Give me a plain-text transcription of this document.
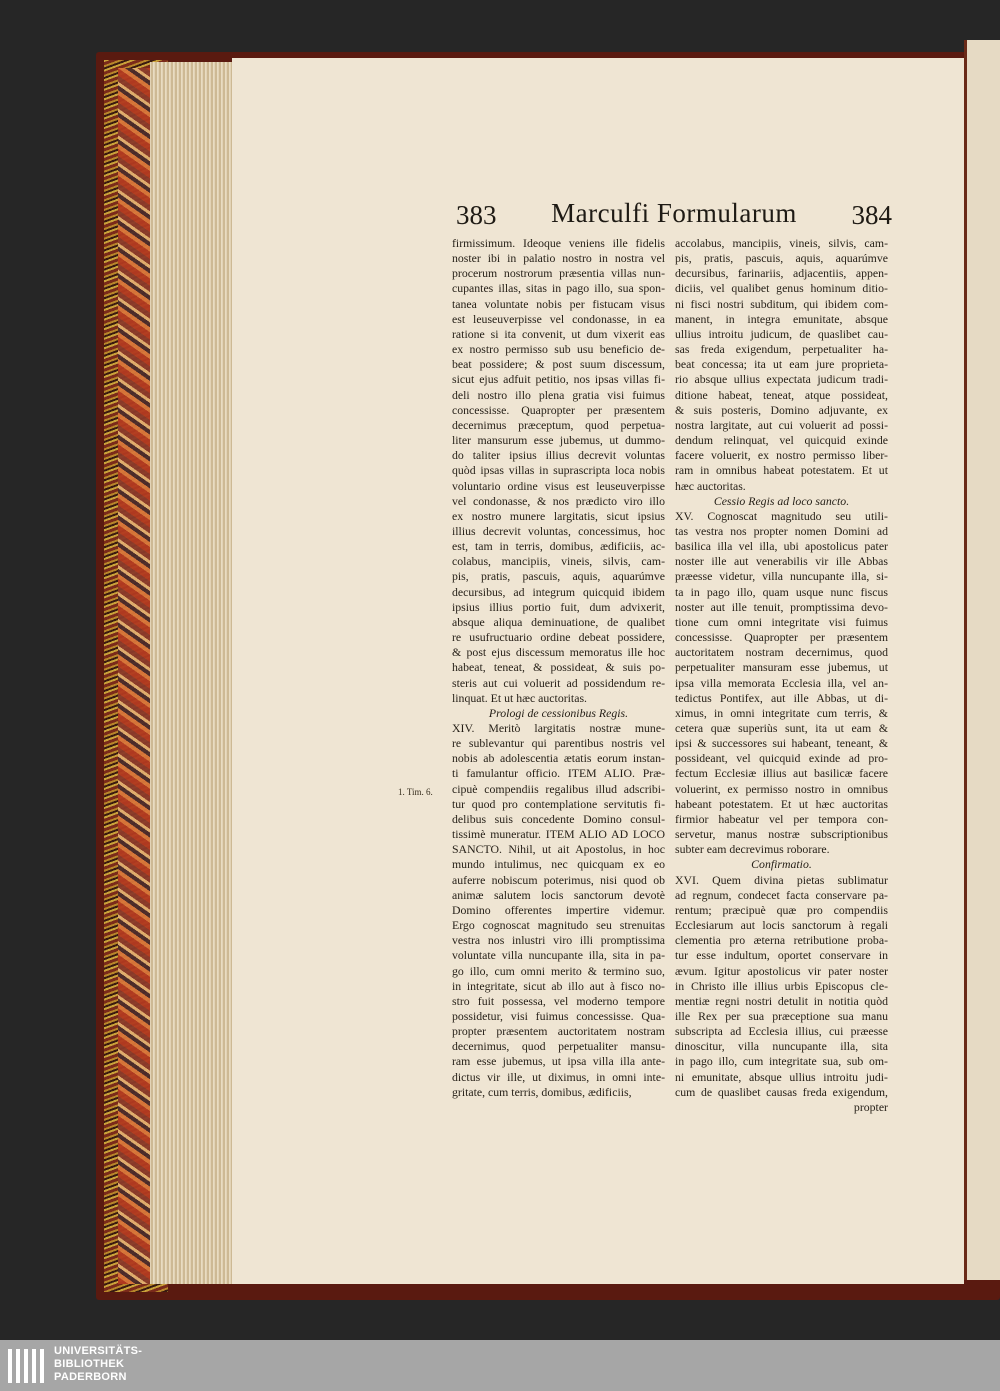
383	Marculfi Formularum	384
1. Tim. 6.
firmissimum. Ideoque veniens ille fidelis
noster ibi in palatio nostro in nostra vel
procerum nostrorum præsentia villas nun-
cupantes illas, sitas in pago illo, sua spon-
tanea voluntate nobis per fistucam visus
est leuseuverpisse vel condonasse, in ea
ratione si ita convenit, ut dum vixerit eas
ex nostro permisso sub usu beneficio de-
beat possidere; & post suum discessum,
sicut ejus adfuit petitio, nos ipsas villas fi-
deli nostro illo plena gratia visi fuimus
concessisse. Quapropter per præsentem
decernimus præceptum, quod perpetua-
liter mansurum esse jubemus, ut dummo-
do taliter ipsius illius decrevit voluntas
quòd ipsas villas in suprascripta loca nobis
voluntario ordine visus est leuseuverpisse
vel condonasse, & nos prædicto viro illo
ex nostro munere largitatis, sicut ipsius
illius decrevit voluntas, concessimus, hoc
est, tam in terris, domibus, ædificiis, ac-
colabus, mancipiis, vineis, silvis, cam-
pis, pratis, pascuis, aquis, aquarúmve
decursibus, ad integrum quicquid ibidem
ipsius illius portio fuit, dum advixerit,
absque aliqua deminuatione, de qualibet
re usufructuario ordine debeat possidere,
& post ejus discessum memoratus ille hoc
habeat, teneat, & possideat, & suis po-
steris aut cui voluerit ad possidendum re-
linquat. Et ut hæc auctoritas.
Prologi de cessionibus Regis.
XIV. Meritò largitatis nostræ mune-
re sublevantur qui parentibus nostris vel
nobis ab adolescentia ætatis eorum instan-
ti famulantur officio. ITEM ALIO. Præ-
cipuè compendiis regalibus illud adscribi-
tur quod pro contemplatione servitutis fi-
delibus suis concedente Domino consul-
tissimè muneratur. ITEM ALIO AD LOCO
SANCTO. Nihil, ut ait Apostolus, in hoc
mundo intulimus, nec quicquam ex eo
auferre nobiscum poterimus, nisi quod ob
animæ salutem locis sanctorum devotè
Domino offerentes impertire videmur.
Ergo cognoscat magnitudo seu strenuitas
vestra nos inlustri viro illi promptissima
voluntate villa nuncupante illa, sita in pa-
go illo, cum omni merito & termino suo,
in integritate, sicut ab illo aut à fisco no-
stro fuit possessa, vel moderno tempore
possidetur, visi fuimus concessisse. Qua-
propter præsentem auctoritatem nostram
decernimus, quod perpetualiter mansu-
ram esse jubemus, ut ipsa villa illa ante-
dictus vir ille, ut diximus, in omni inte-
gritate, cum terris, domibus, ædificiis,
accolabus, mancipiis, vineis, silvis, cam-
pis, pratis, pascuis, aquis, aquarúmve
decursibus, farinariis, adjacentiis, appen-
diciis, vel qualibet genus hominum ditio-
ni fisci nostri subditum, qui ibidem com-
manent, in integra emunitate, absque
ullius introitu judicum, de quaslibet cau-
sas freda exigendum, perpetualiter ha-
beat concessa; ita ut eam jure proprieta-
rio absque ullius expectata judicum tradi-
ditione habeat, teneat, atque possideat,
& suis posteris, Domino adjuvante, ex
nostra largitate, aut cui voluerit ad possi-
dendum relinquat, vel quicquid exinde
facere voluerit, ex nostro permisso liber-
ram in omnibus habeat potestatem. Et ut
hæc auctoritas.
Cessio Regis ad loco sancto.
XV. Cognoscat magnitudo seu utili-
tas vestra nos propter nomen Domini ad
basilica illa vel illa, ubi apostolicus pater
noster ille aut venerabilis vir ille Abbas
præesse videtur, villa nuncupante illa, si-
ta in pago illo, quam usque nunc fiscus
noster aut ille tenuit, promptissima devo-
tione cum omni integritate visi fuimus
concessisse. Quapropter per præsentem
auctoritatem nostram decernimus, quod
perpetualiter mansuram esse jubemus, ut
ipsa villa memorata Ecclesia illa, vel an-
tedictus Pontifex, aut ille Abbas, ut di-
ximus, in omni integritate cum terris, &
cetera quæ superiùs sunt, ita ut eam &
ipsi & successores sui habeant, teneant, &
possideant, vel quicquid exinde ad pro-
fectum Ecclesiæ illius aut basilicæ facere
voluerint, ex permisso nostro in omnibus
habeant potestatem. Et ut hæc auctoritas
firmior habeatur vel per tempora con-
servetur, manus nostræ subscriptionibus
subter eam decrevimus roborare.
Confirmatio.
XVI. Quem divina pietas sublimatur
ad regnum, condecet facta conservare pa-
rentum; præcipuè quæ pro compendiis
Ecclesiarum aut locis sanctorum à regali
clementia pro æterna retributione proba-
tur esse indultum, oportet conservare in
ævum. Igitur apostolicus vir pater noster
in Christo ille illius urbis Episcopus cle-
mentiæ regni nostri detulit in notitia quòd
ille Rex per sua præceptione sua manu
subscripta ad Ecclesia illius, cui præesse
dinoscitur, villa nuncupante illa, sita
in pago illo, cum integritate sua, sub om-
ni emunitate, absque ullius introitu judi-
cum de quaslibet causas freda exigendum,
propter
UNIVERSITÄTS-
BIBLIOTHEK
PADERBORN
